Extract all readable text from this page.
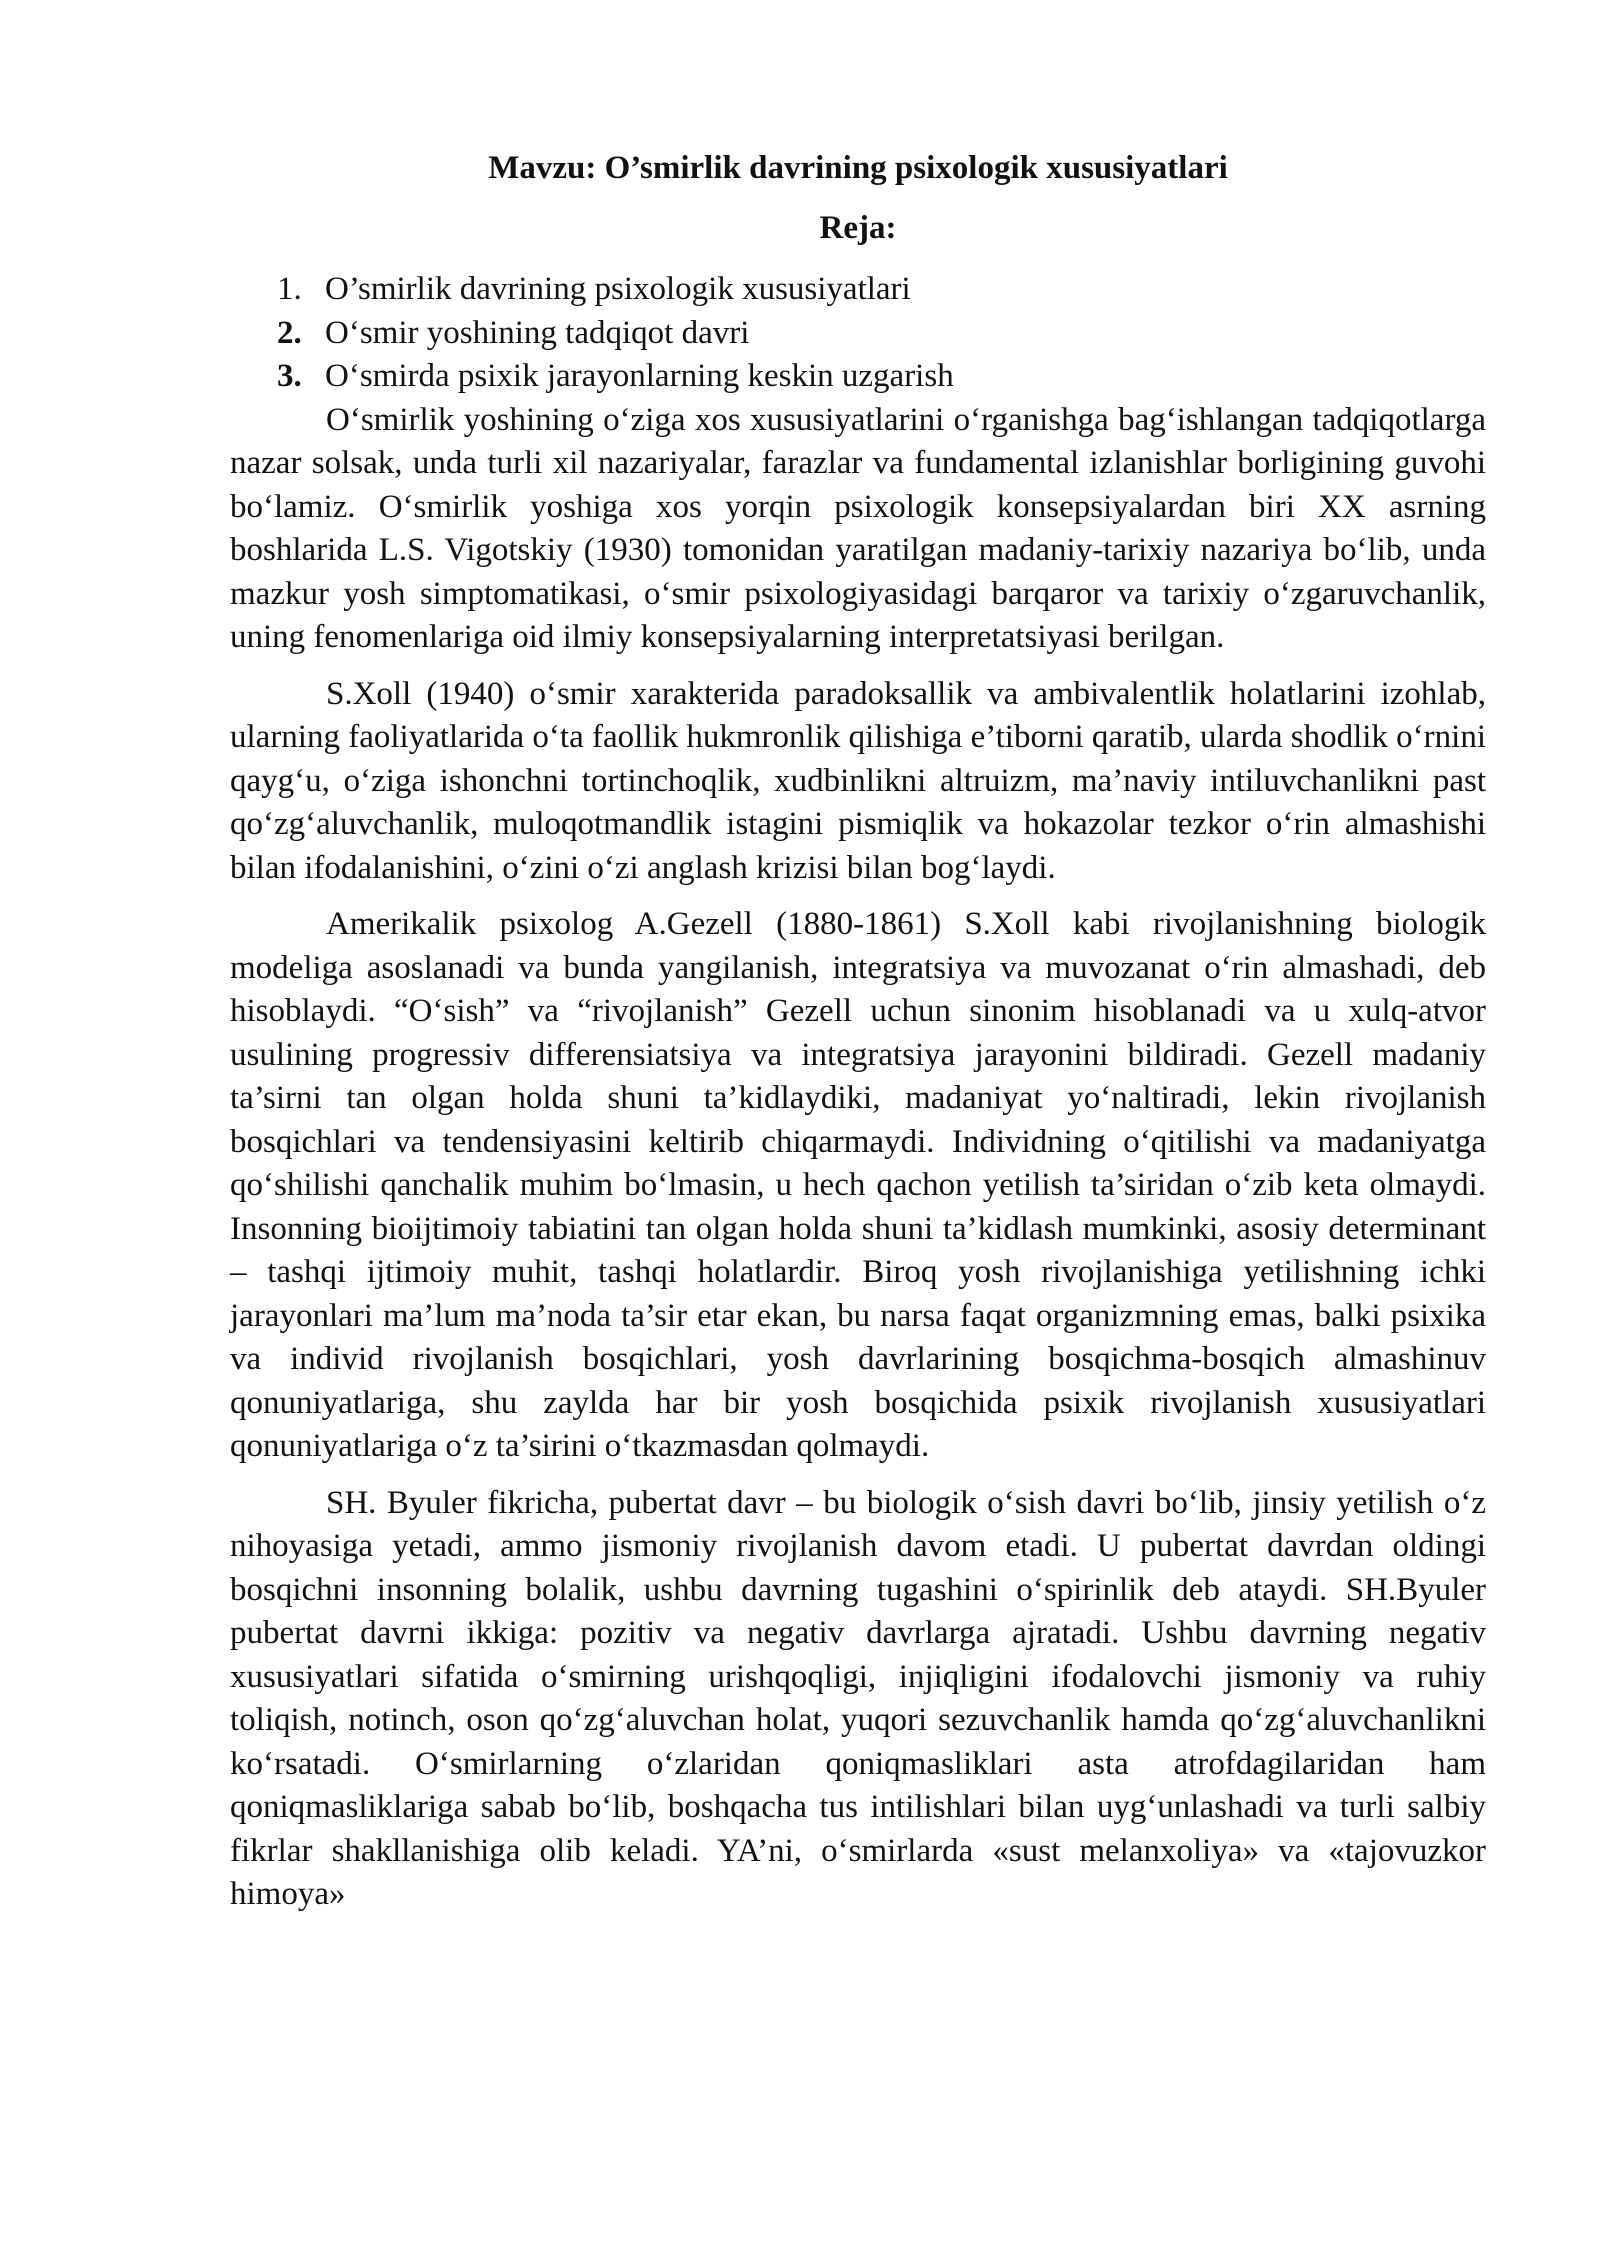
Mavzu: O’smirlik davrining psixologik xususiyatlari
Reja:
1. O’smirlik davrining psixologik xususiyatlari
2. O‘smir yoshining tadqiqot davri
3. O‘smirda psixik jarayonlarning keskin uzgarish

O‘smirlik yoshining o‘ziga xos xususiyatlarini o‘rganishga bag‘ishlangan tadqiqotlarga nazar solsak, unda turli xil nazariyalar, farazlar va fundamental izlanishlar borligining guvohi bo‘lamiz. O‘smirlik yoshiga xos yorqin psixologik konsepsiyalardan biri XX asrning boshlarida L.S. Vigotskiy (1930) tomonidan yaratilgan madaniy-tarixiy nazariya bo‘lib, unda mazkur yosh simptomatikasi, o‘smir psixologiyasidagi barqaror va tarixiy o‘zgaruvchanlik, uning fenomenlariga oid ilmiy konsepsiyalarning interpretatsiyasi berilgan.

S.Xoll (1940) o‘smir xarakterida paradoksallik va ambivalentlik holatlarini izohlab, ularning faoliyatlarida o‘ta faollik hukmronlik qilishiga e’tiborni qaratib, ularda shodlik o‘rnini qayg‘u, o‘ziga ishonchni tortinchoqlik, xudbinlikni altruizm, ma’naviy intiluvchanlikni past qo‘zg‘aluvchanlik, muloqotmandlik istagini pismiqlik va hokazolar tezkor o‘rin almashishi bilan ifodalanishini, o‘zini o‘zi anglash krizisi bilan bog‘laydi.

Amerikalik psixolog A.Gezell (1880-1861) S.Xoll kabi rivojlanishning biologik modeliga asoslanadi va bunda yangilanish, integratsiya va muvozanat o‘rin almashadi, deb hisoblaydi. “O‘sish” va “rivojlanish” Gezell uchun sinonim hisoblanadi va u xulq-atvor usulining progressiv differensiatsiya va integratsiya jarayonini bildiradi. Gezell madaniy ta’sirni tan olgan holda shuni ta’kidlaydiki, madaniyat yo‘naltiradi, lekin rivojlanish bosqichlari va tendensiyasini keltirib chiqarmaydi. Individning o‘qitilishi va madaniyatga qo‘shilishi qanchalik muhim bo‘lmasin, u hech qachon yetilish ta’siridan o‘zib keta olmaydi. Insonning bioijtimoiy tabiatini tan olgan holda shuni ta’kidlash mumkinki, asosiy determinant – tashqi ijtimoiy muhit, tashqi holatlardir. Biroq yosh rivojlanishiga yetilishning ichki jarayonlari ma’lum ma’noda ta’sir etar ekan, bu narsa faqat organizmning emas, balki psixika va individ rivojlanish bosqichlari, yosh davrlarining bosqichma-bosqich almashinuv qonuniyatlariga, shu zaylda har bir yosh bosqichida psixik rivojlanish xususiyatlari qonuniyatlariga o‘z ta’sirini o‘tkazmasdan qolmaydi.

SH. Byuler fikricha, pubertat davr – bu biologik o‘sish davri bo‘lib, jinsiy yetilish o‘z nihoyasiga yetadi, ammo jismoniy rivojlanish davom etadi. U pubertat davrdan oldingi bosqichni insonning bolalik, ushbu davrning tugashini o‘spirinlik deb ataydi. SH.Byuler pubertat davrni ikkiga: pozitiv va negativ davrlarga ajratadi. Ushbu davrning negativ xususiyatlari sifatida o‘smirning urishqoqligi, injiqligini ifodalovchi jismoniy va ruhiy toliqish, notinch, oson qo‘zg‘aluvchan holat, yuqori sezuvchanlik hamda qo‘zg‘aluvchanlikni ko‘rsatadi. O‘smirlarning o‘zlaridan qoniqmasliklari asta atrofdagilaridan ham qoniqmasliklariga sabab bo‘lib, boshqacha tus intilishlari bilan uyg‘unlashadi va turli salbiy fikrlar shakllanishiga olib keladi. YA’ni, o‘smirlarda «sust melanxoliya» va «tajovuzkor himoya»
